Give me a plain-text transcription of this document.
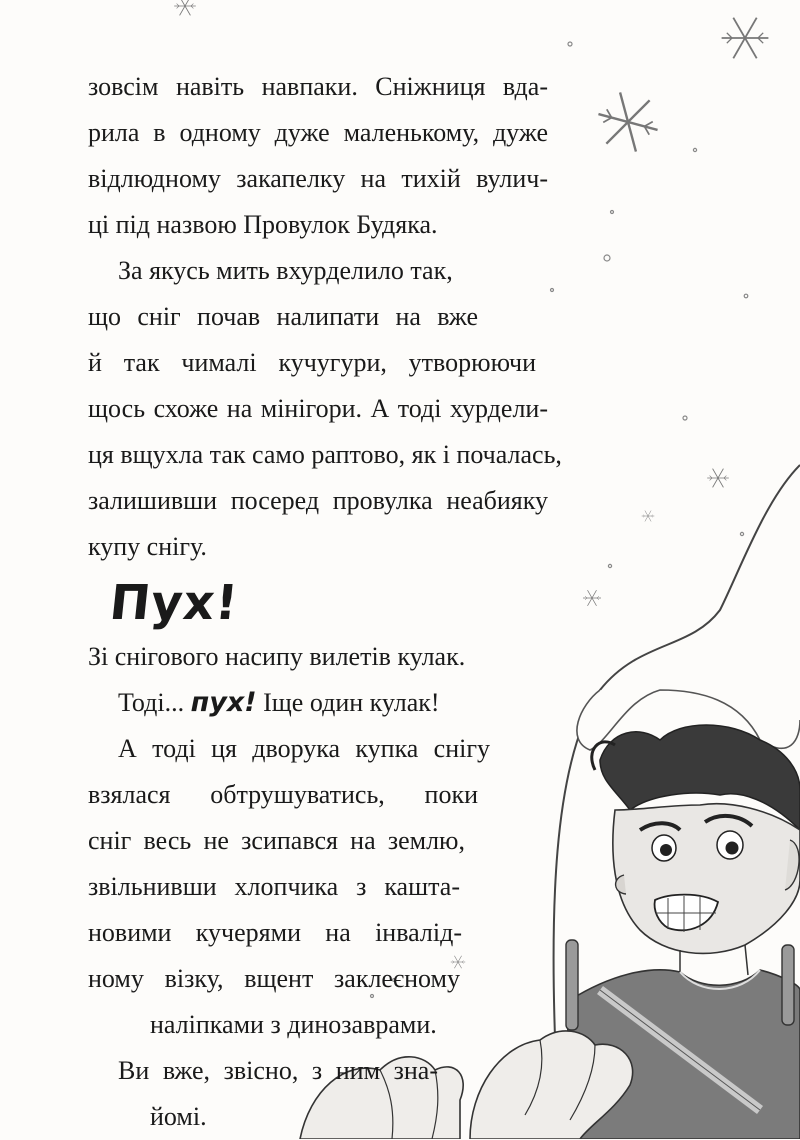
зовсім навіть навпаки. Сніжниця вда-
рила в одному дуже маленькому, дуже
відлюдному закапелку на тихій вулич-
ці під назвою Провулок Будяка.
За якусь мить вхурделило так,
що сніг почав налипати на вже
й так чималі кучугури, утворюючи
щось схоже на мінігори. А тоді хурдели-
ця вщухла так само раптово, як і почалась,
залишивши посеред провулка неабияку
купу снігу.
Пух!
Зі снігового насипу вилетів кулак.
Тоді... пух! Іще один кулак!
А тоді ця дворука купка снігу
взялася обтрушуватись, поки
сніг весь не зсипався на землю,
звільнивши хлопчика з кашта-
новими кучерями на інвалід-
ному візку, вщент заклеєному
наліпками з динозаврами.
Ви вже, звісно, з ним зна-
йомі.
